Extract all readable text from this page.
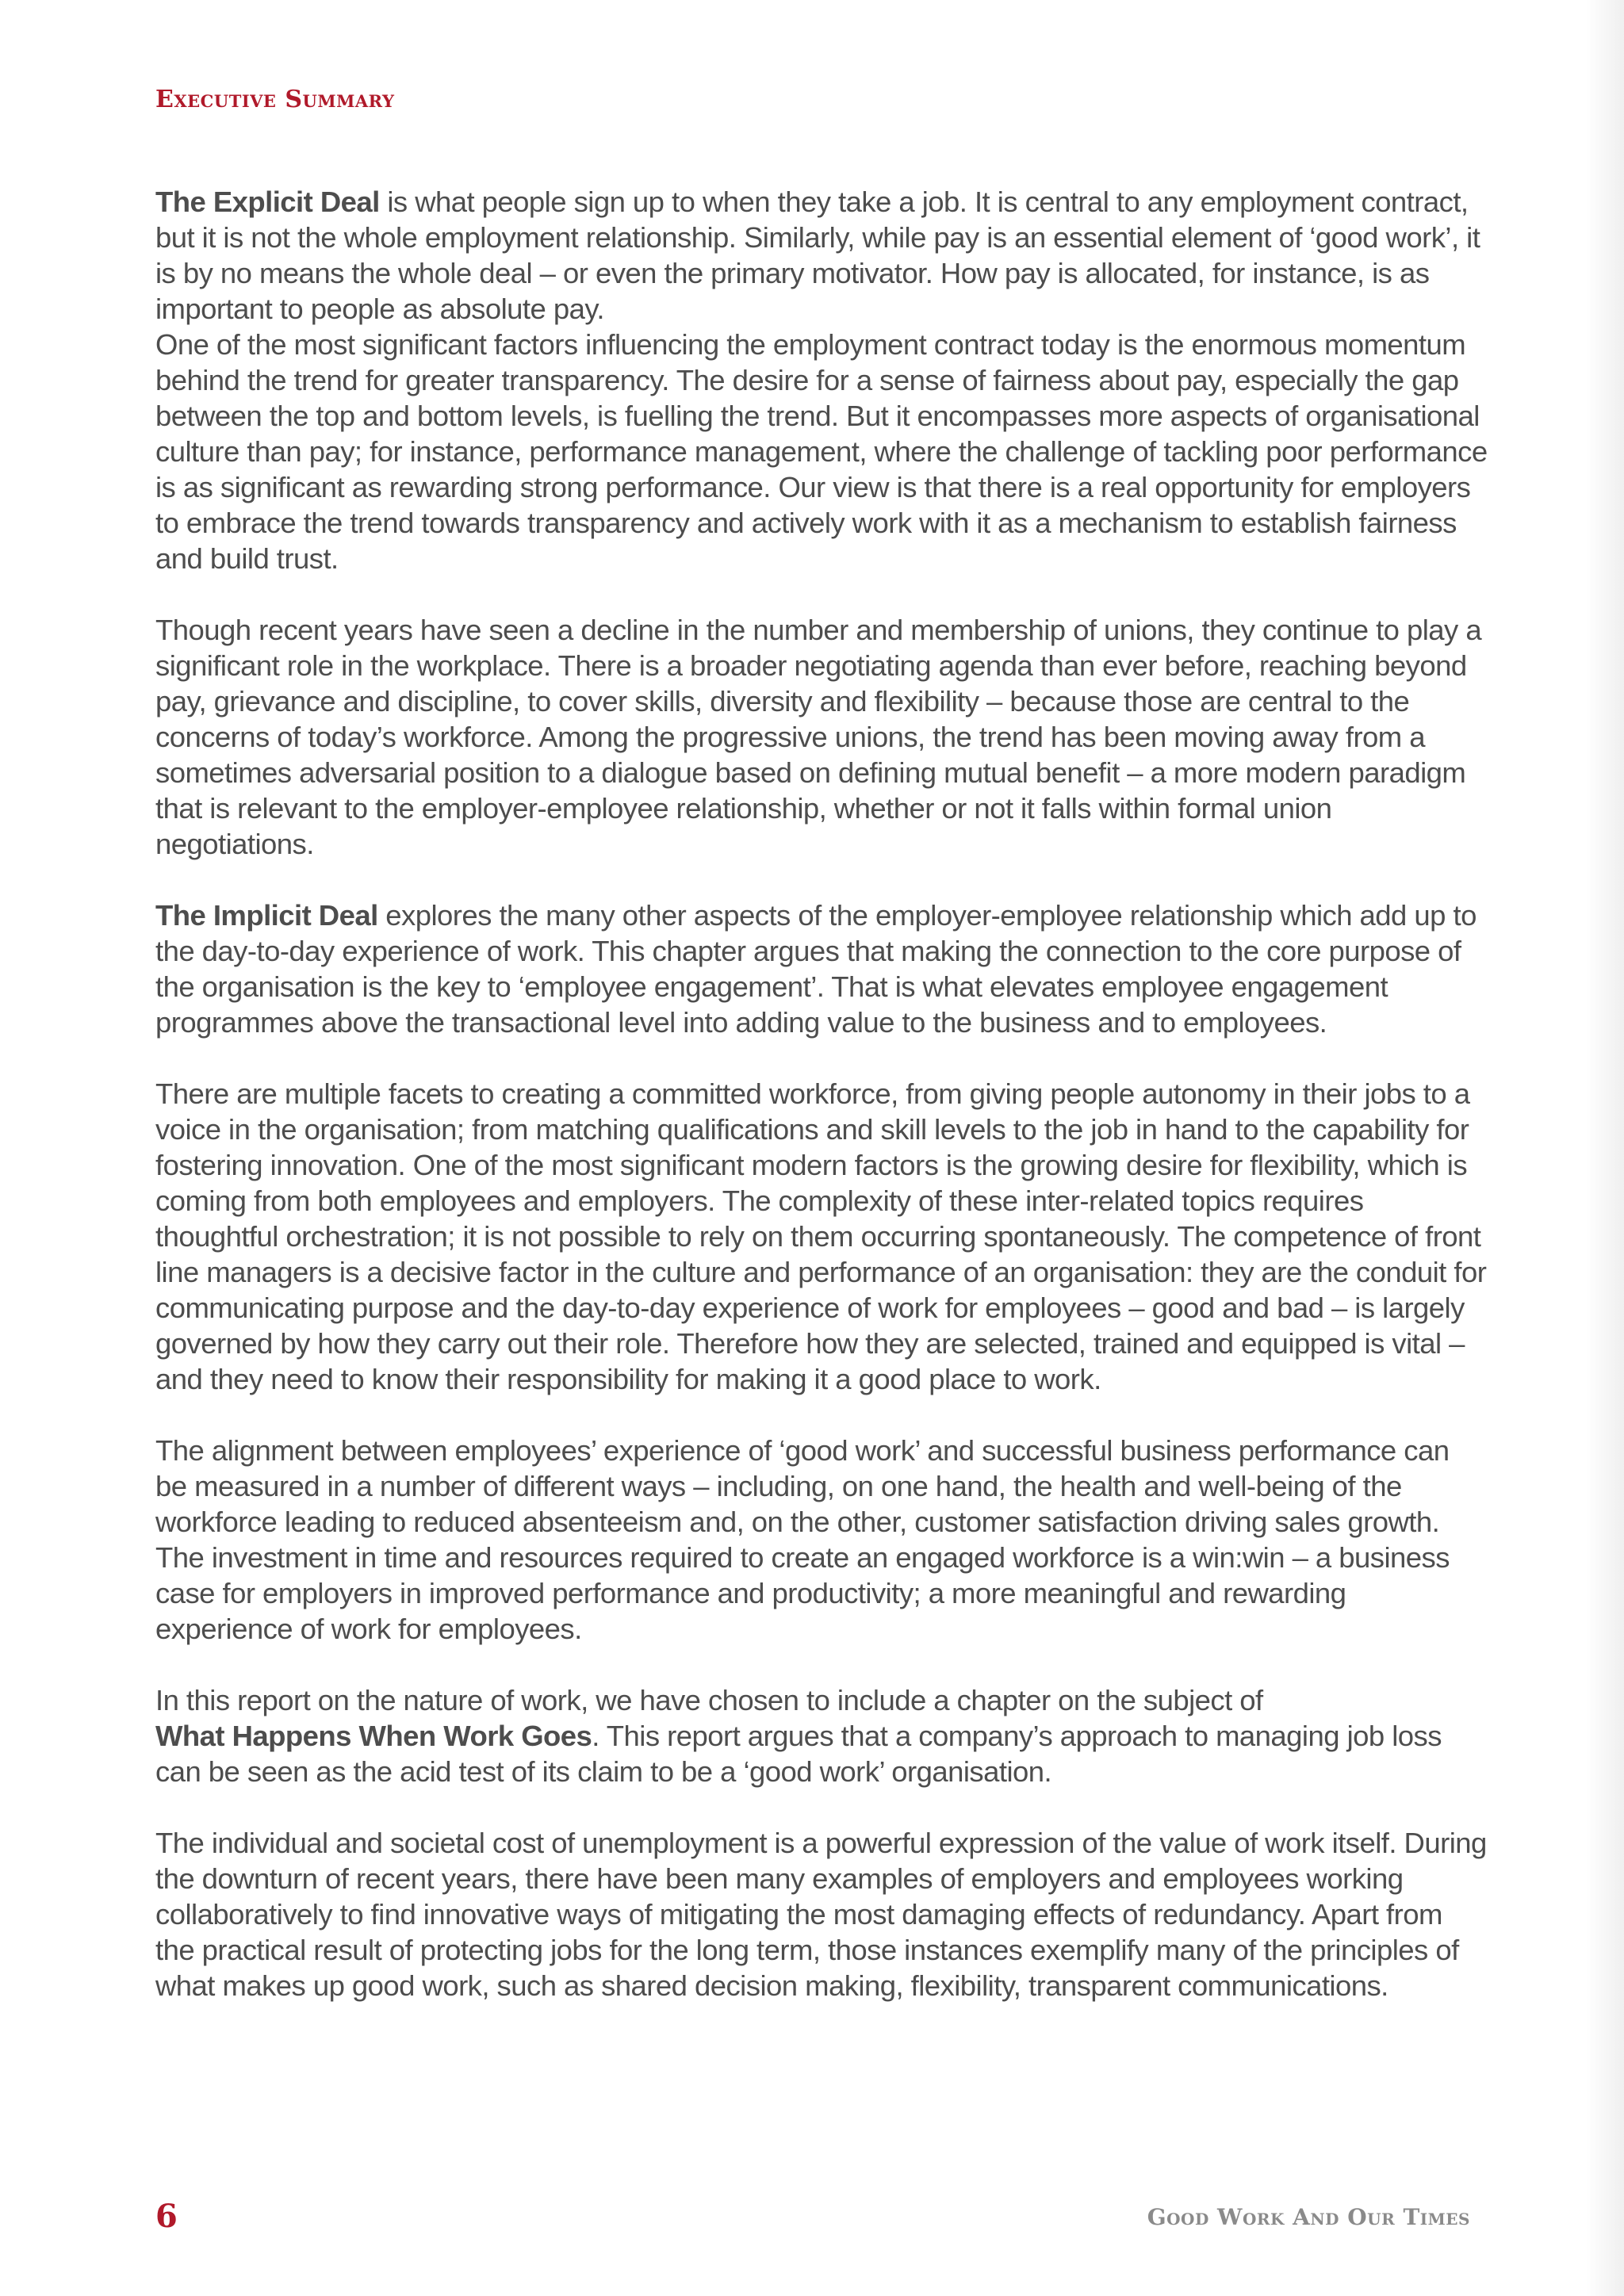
Executive Summary

The Explicit Deal is what people sign up to when they take a job. It is central to any employment contract, but it is not the whole employment relationship. Similarly, while pay is an essential element of ‘good work’, it is by no means the whole deal – or even the primary motivator. How pay is allocated, for instance, is as important to people as absolute pay.

One of the most significant factors influencing the employment contract today is the enormous momentum behind the trend for greater transparency. The desire for a sense of fairness about pay, especially the gap between the top and bottom levels, is fuelling the trend. But it encompasses more aspects of organisational culture than pay; for instance, performance management, where the challenge of tackling poor performance is as significant as rewarding strong performance. Our view is that there is a real opportunity for employers to embrace the trend towards transparency and actively work with it as a mechanism to establish fairness and build trust.

Though recent years have seen a decline in the number and membership of unions, they continue to play a significant role in the workplace. There is a broader negotiating agenda than ever before, reaching beyond pay, grievance and discipline, to cover skills, diversity and flexibility – because those are central to the concerns of today’s workforce. Among the progressive unions, the trend has been moving away from a sometimes adversarial position to a dialogue based on defining mutual benefit – a more modern paradigm that is relevant to the employer-employee relationship, whether or not it falls within formal union negotiations.

The Implicit Deal explores the many other aspects of the employer-employee relationship which add up to the day-to-day experience of work. This chapter argues that making the connection to the core purpose of the organisation is the key to ‘employee engagement’. That is what elevates employee engagement programmes above the transactional level into adding value to the business and to employees.

There are multiple facets to creating a committed workforce, from giving people autonomy in their jobs to a voice in the organisation; from matching qualifications and skill levels to the job in hand to the capability for fostering innovation. One of the most significant modern factors is the growing desire for flexibility, which is coming from both employees and employers. The complexity of these inter-related topics requires thoughtful orchestration; it is not possible to rely on them occurring spontaneously. The competence of front line managers is a decisive factor in the culture and performance of an organisation: they are the conduit for communicating purpose and the day-to-day experience of work for employees – good and bad – is largely governed by how they carry out their role. Therefore how they are selected, trained and equipped is vital – and they need to know their responsibility for making it a good place to work.

The alignment between employees’ experience of ‘good work’ and successful business performance can be measured in a number of different ways – including, on one hand, the health and well-being of the workforce leading to reduced absenteeism and, on the other, customer satisfaction driving sales growth. The investment in time and resources required to create an engaged workforce is a win:win – a business case for employers in improved performance and productivity; a more meaningful and rewarding experience of work for employees.

In this report on the nature of work, we have chosen to include a chapter on the subject of
What Happens When Work Goes. This report argues that a company’s approach to managing job loss can be seen as the acid test of its claim to be a ‘good work’ organisation.

The individual and societal cost of unemployment is a powerful expression of the value of work itself. During the downturn of recent years, there have been many examples of employers and employees working collaboratively to find innovative ways of mitigating the most damaging effects of redundancy. Apart from the practical result of protecting jobs for the long term, those instances exemplify many of the principles of what makes up good work, such as shared decision making, flexibility, transparent communications.

6	Good Work And Our Times
